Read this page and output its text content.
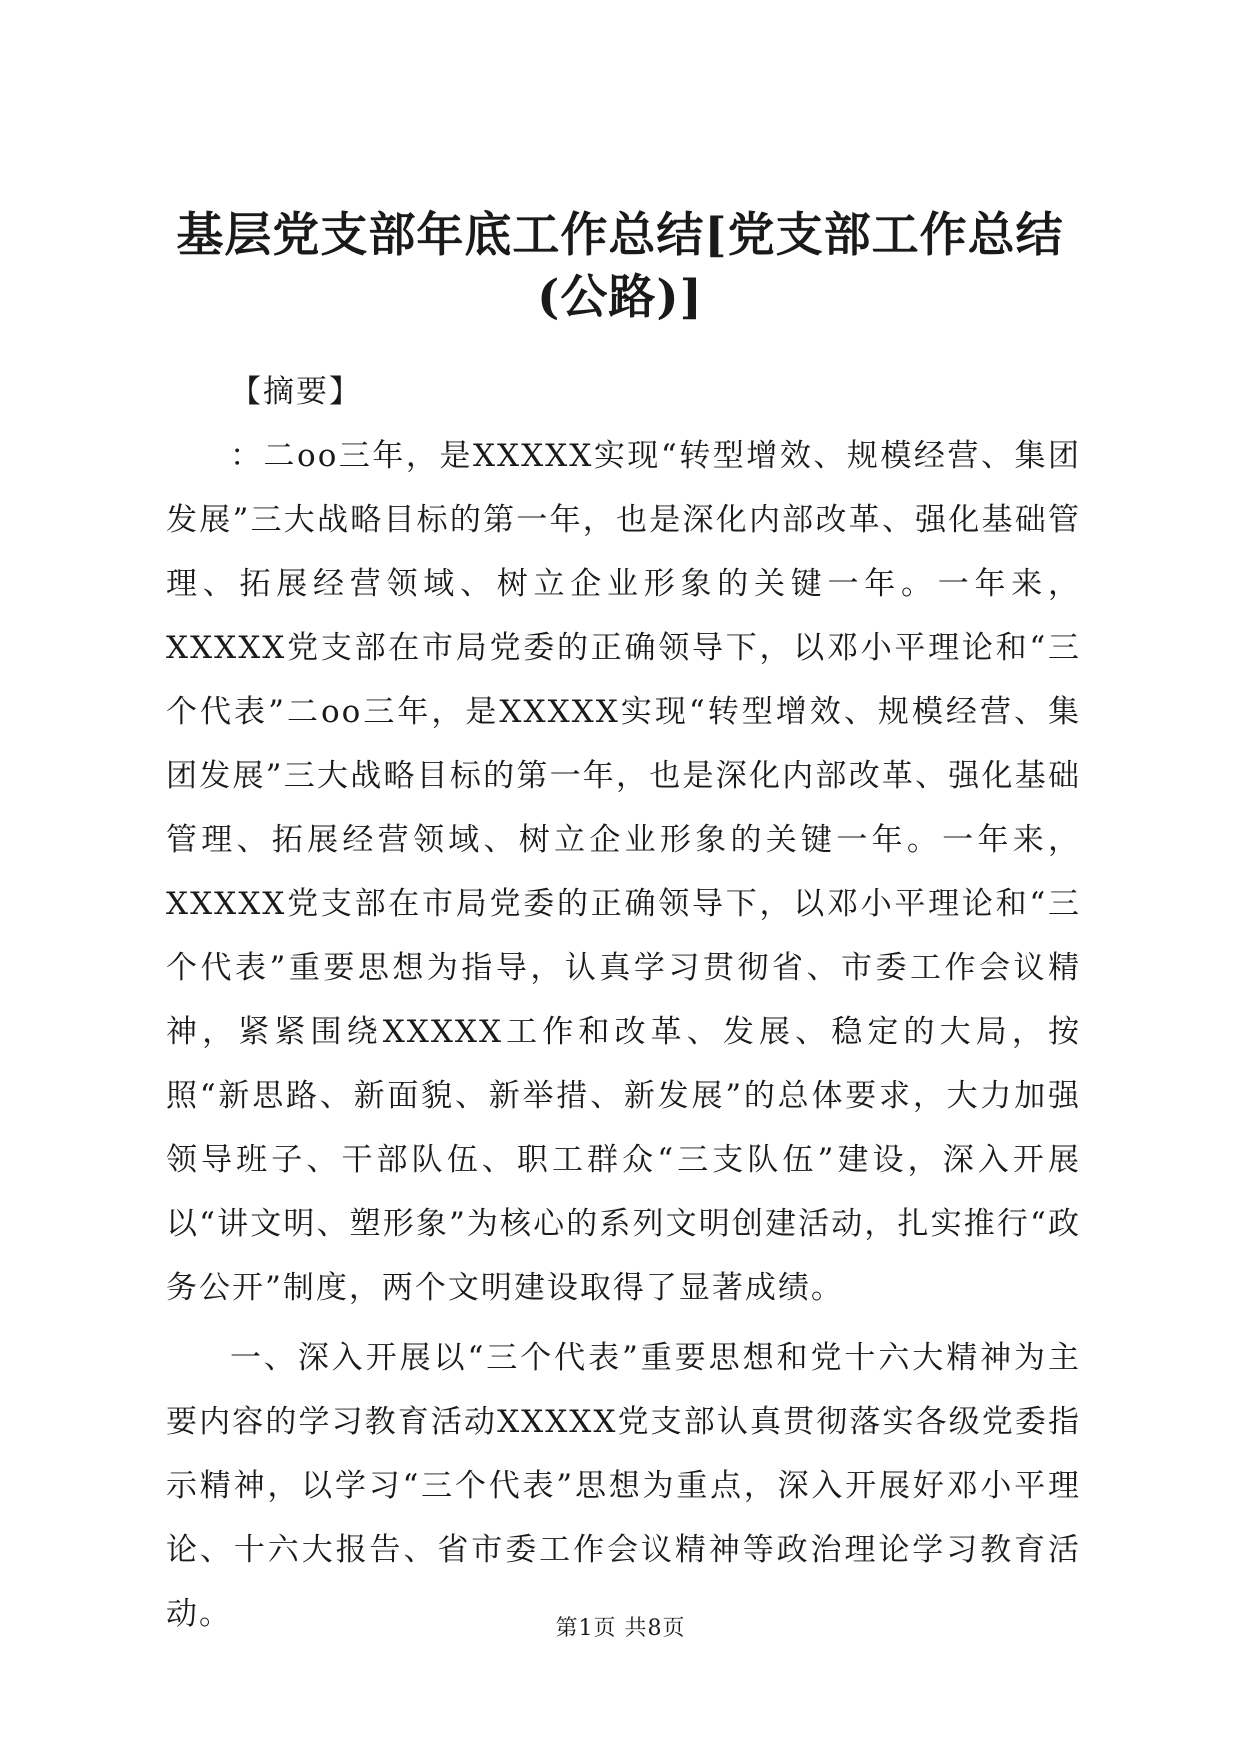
基层党支部年底工作总结[党支部工作总结(公路)]

【摘要】

：二oo三年，是XXXXX实现“转型增效、规模经营、集团发展”三大战略目标的第一年，也是深化内部改革、强化基础管理、拓展经营领域、树立企业形象的关键一年。一年来，XXXXX党支部在市局党委的正确领导下，以邓小平理论和“三个代表”二oo三年，是XXXXX实现“转型增效、规模经营、集团发展”三大战略目标的第一年，也是深化内部改革、强化基础管理、拓展经营领域、树立企业形象的关键一年。一年来，XXXXX党支部在市局党委的正确领导下，以邓小平理论和“三个代表”重要思想为指导，认真学习贯彻省、市委工作会议精神，紧紧围绕XXXXX工作和改革、发展、稳定的大局，按照“新思路、新面貌、新举措、新发展”的总体要求，大力加强领导班子、干部队伍、职工群众“三支队伍”建设，深入开展以“讲文明、塑形象”为核心的系列文明创建活动，扎实推行“政务公开”制度，两个文明建设取得了显著成绩。

一、深入开展以“三个代表”重要思想和党十六大精神为主要内容的学习教育活动XXXXX党支部认真贯彻落实各级党委指示精神，以学习“三个代表”思想为重点，深入开展好邓小平理论、十六大报告、省市委工作会议精神等政治理论学习教育活动。	第1页 共8页
